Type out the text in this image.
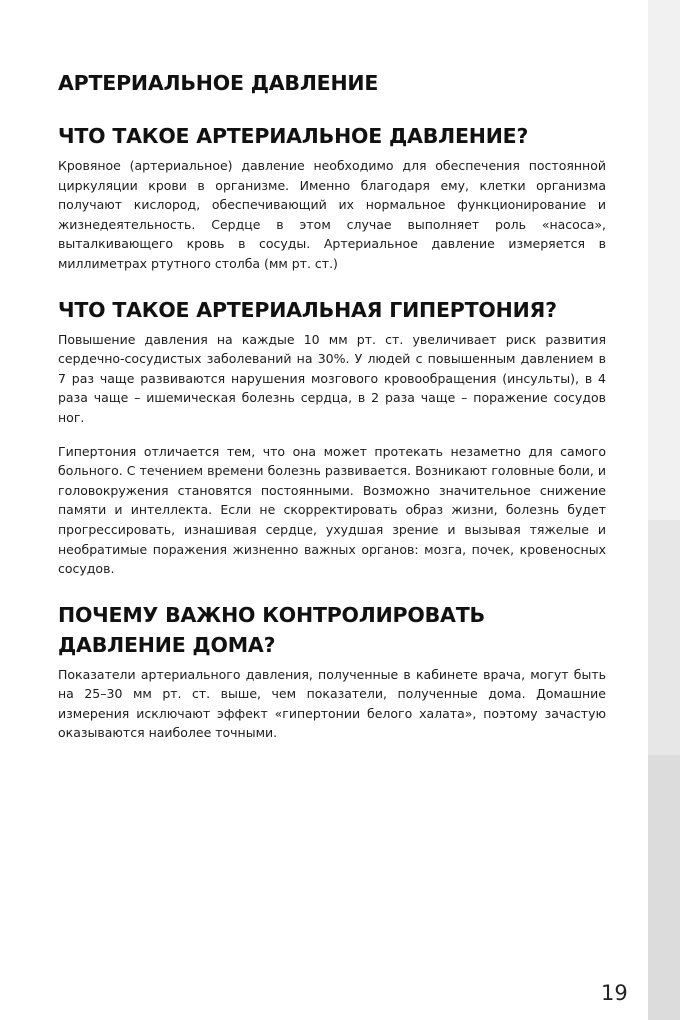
АРТЕРИАЛЬНОЕ ДАВЛЕНИЕ
ЧТО ТАКОЕ АРТЕРИАЛЬНОЕ ДАВЛЕНИЕ?

Кровяное (артериальное) давление необходимо для обеспечения постоянной циркуляции крови в организме. Именно благодаря ему, клетки организма получают кислород, обеспечивающий их нормальное функционирование и жизнедеятельность. Сердце в этом случае выполняет роль «насоса», выталкивающего кровь в сосуды. Артериальное давление измеряется в миллиметрах ртутного столба (мм рт. ст.)

ЧТО ТАКОЕ АРТЕРИАЛЬНАЯ ГИПЕРТОНИЯ?

Повышение давления на каждые 10 мм рт. ст. увеличивает риск развития сердечно-сосудистых заболеваний на 30%. У людей с повышенным давлением в 7 раз чаще развиваются нарушения мозгового кровообращения (инсульты), в 4 раза чаще – ишемическая болезнь сердца, в 2 раза чаще – поражение сосудов ног.

Гипертония отличается тем, что она может протекать незаметно для самого больного. С течением времени болезнь развивается. Возникают головные боли, и головокружения становятся постоянными. Возможно значительное снижение памяти и интеллекта. Если не скорректировать образ жизни, болезнь будет прогрессировать, изнашивая сердце, ухудшая зрение и вызывая тяжелые и необратимые поражения жизненно важных органов: мозга, почек, кровеносных сосудов.

ПОЧЕМУ ВАЖНО КОНТРОЛИРОВАТЬ ДАВЛЕНИЕ ДОМА?

Показатели артериального давления, полученные в кабинете врача, могут быть на 25–30 мм рт. ст. выше, чем показатели, полученные дома. Домашние измерения исключают эффект «гипертонии белого халата», поэтому зачастую оказываются наиболее точными.

19
